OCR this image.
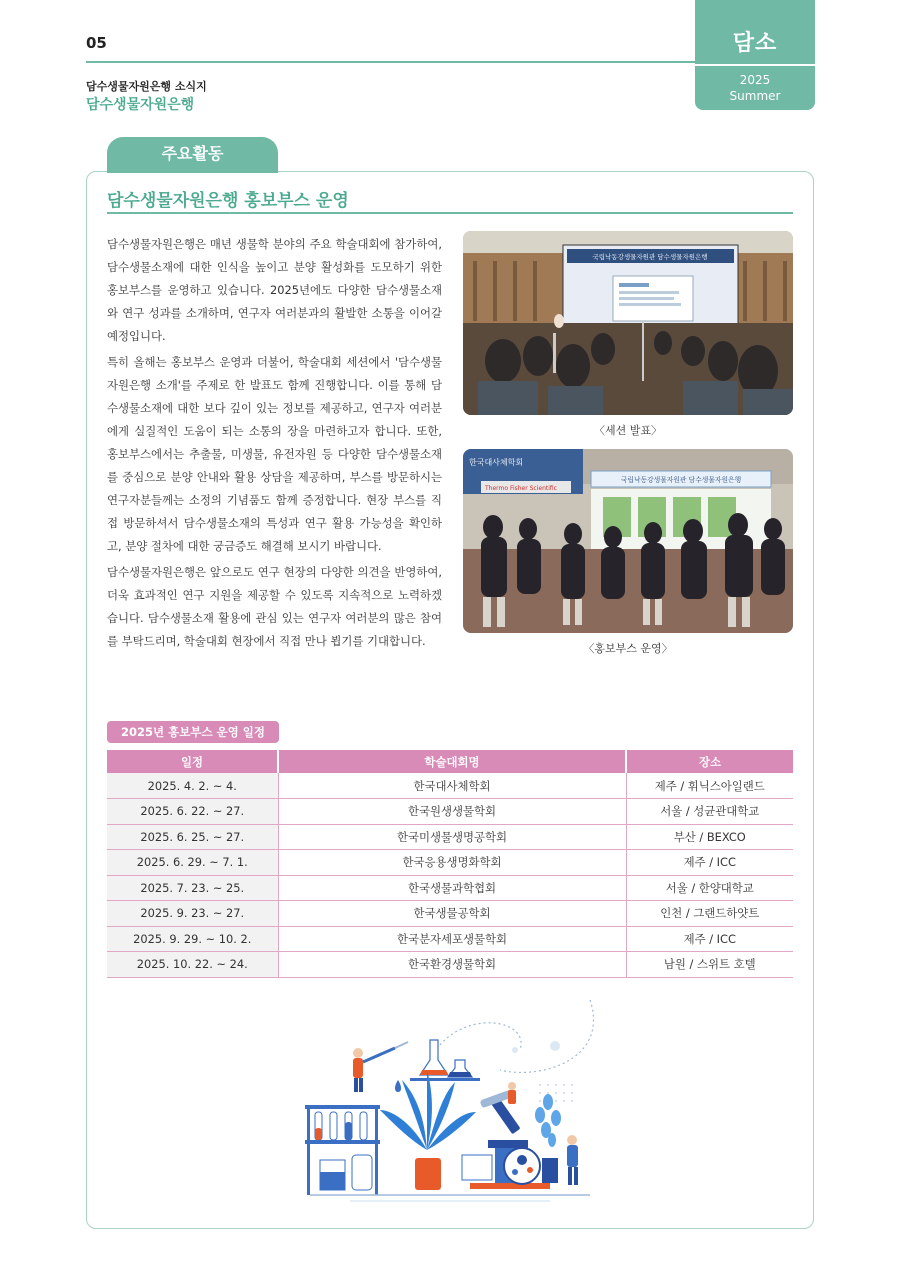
05
담수생물자원은행 소식지
담수생물자원은행
담소
2025
Summer
주요활동
담수생물자원은행 홍보부스 운영

담수생물자원은행은 매년 생물학 분야의 주요 학술대회에 참가하여, 담수생물소재에 대한 인식을 높이고 분양 활성화를 도모하기 위한 홍보부스를 운영하고 있습니다. 2025년에도 다양한 담수생물소재와 연구 성과를 소개하며, 연구자 여러분과의 활발한 소통을 이어갈 예정입니다.

특히 올해는 홍보부스 운영과 더불어, 학술대회 세션에서 '담수생물자원은행 소개'를 주제로 한 발표도 함께 진행합니다. 이를 통해 담수생물소재에 대한 보다 깊이 있는 정보를 제공하고, 연구자 여러분에게 실질적인 도움이 되는 소통의 장을 마련하고자 합니다. 또한, 홍보부스에서는 추출물, 미생물, 유전자원 등 다양한 담수생물소재를 중심으로 분양 안내와 활용 상담을 제공하며, 부스를 방문하시는 연구자분들께는 소정의 기념품도 함께 증정합니다. 현장 부스를 직접 방문하셔서 담수생물소재의 특성과 연구 활용 가능성을 확인하고, 분양 절차에 대한 궁금증도 해결해 보시기 바랍니다.

담수생물자원은행은 앞으로도 연구 현장의 다양한 의견을 반영하여, 더욱 효과적인 연구 지원을 제공할 수 있도록 지속적으로 노력하겠습니다. 담수생물소재 활용에 관심 있는 연구자 여러분의 많은 참여를 부탁드리며, 학술대회 현장에서 직접 만나 뵙기를 기대합니다.

국립낙동강생물자원관 담수생물자원은행
〈세션 발표〉
한국대사체학회
Thermo Fisher Scientific
국립낙동강생물자원관 담수생물자원은행
〈홍보부스 운영〉
2025년 홍보부스 운영 일정
일정	학술대회명	장소
2025. 4. 2. ~ 4.	한국대사체학회	제주 / 휘닉스아일랜드
2025. 6. 22. ~ 27.	한국원생생물학회	서울 / 성균관대학교
2025. 6. 25. ~ 27.	한국미생물생명공학회	부산 / BEXCO
2025. 6. 29. ~ 7. 1.	한국응용생명화학회	제주 / ICC
2025. 7. 23. ~ 25.	한국생물과학협회	서울 / 한양대학교
2025. 9. 23. ~ 27.	한국생물공학회	인천 / 그랜드하얏트
2025. 9. 29. ~ 10. 2.	한국분자세포생물학회	제주 / ICC
2025. 10. 22. ~ 24.	한국환경생물학회	남원 / 스위트 호텔
